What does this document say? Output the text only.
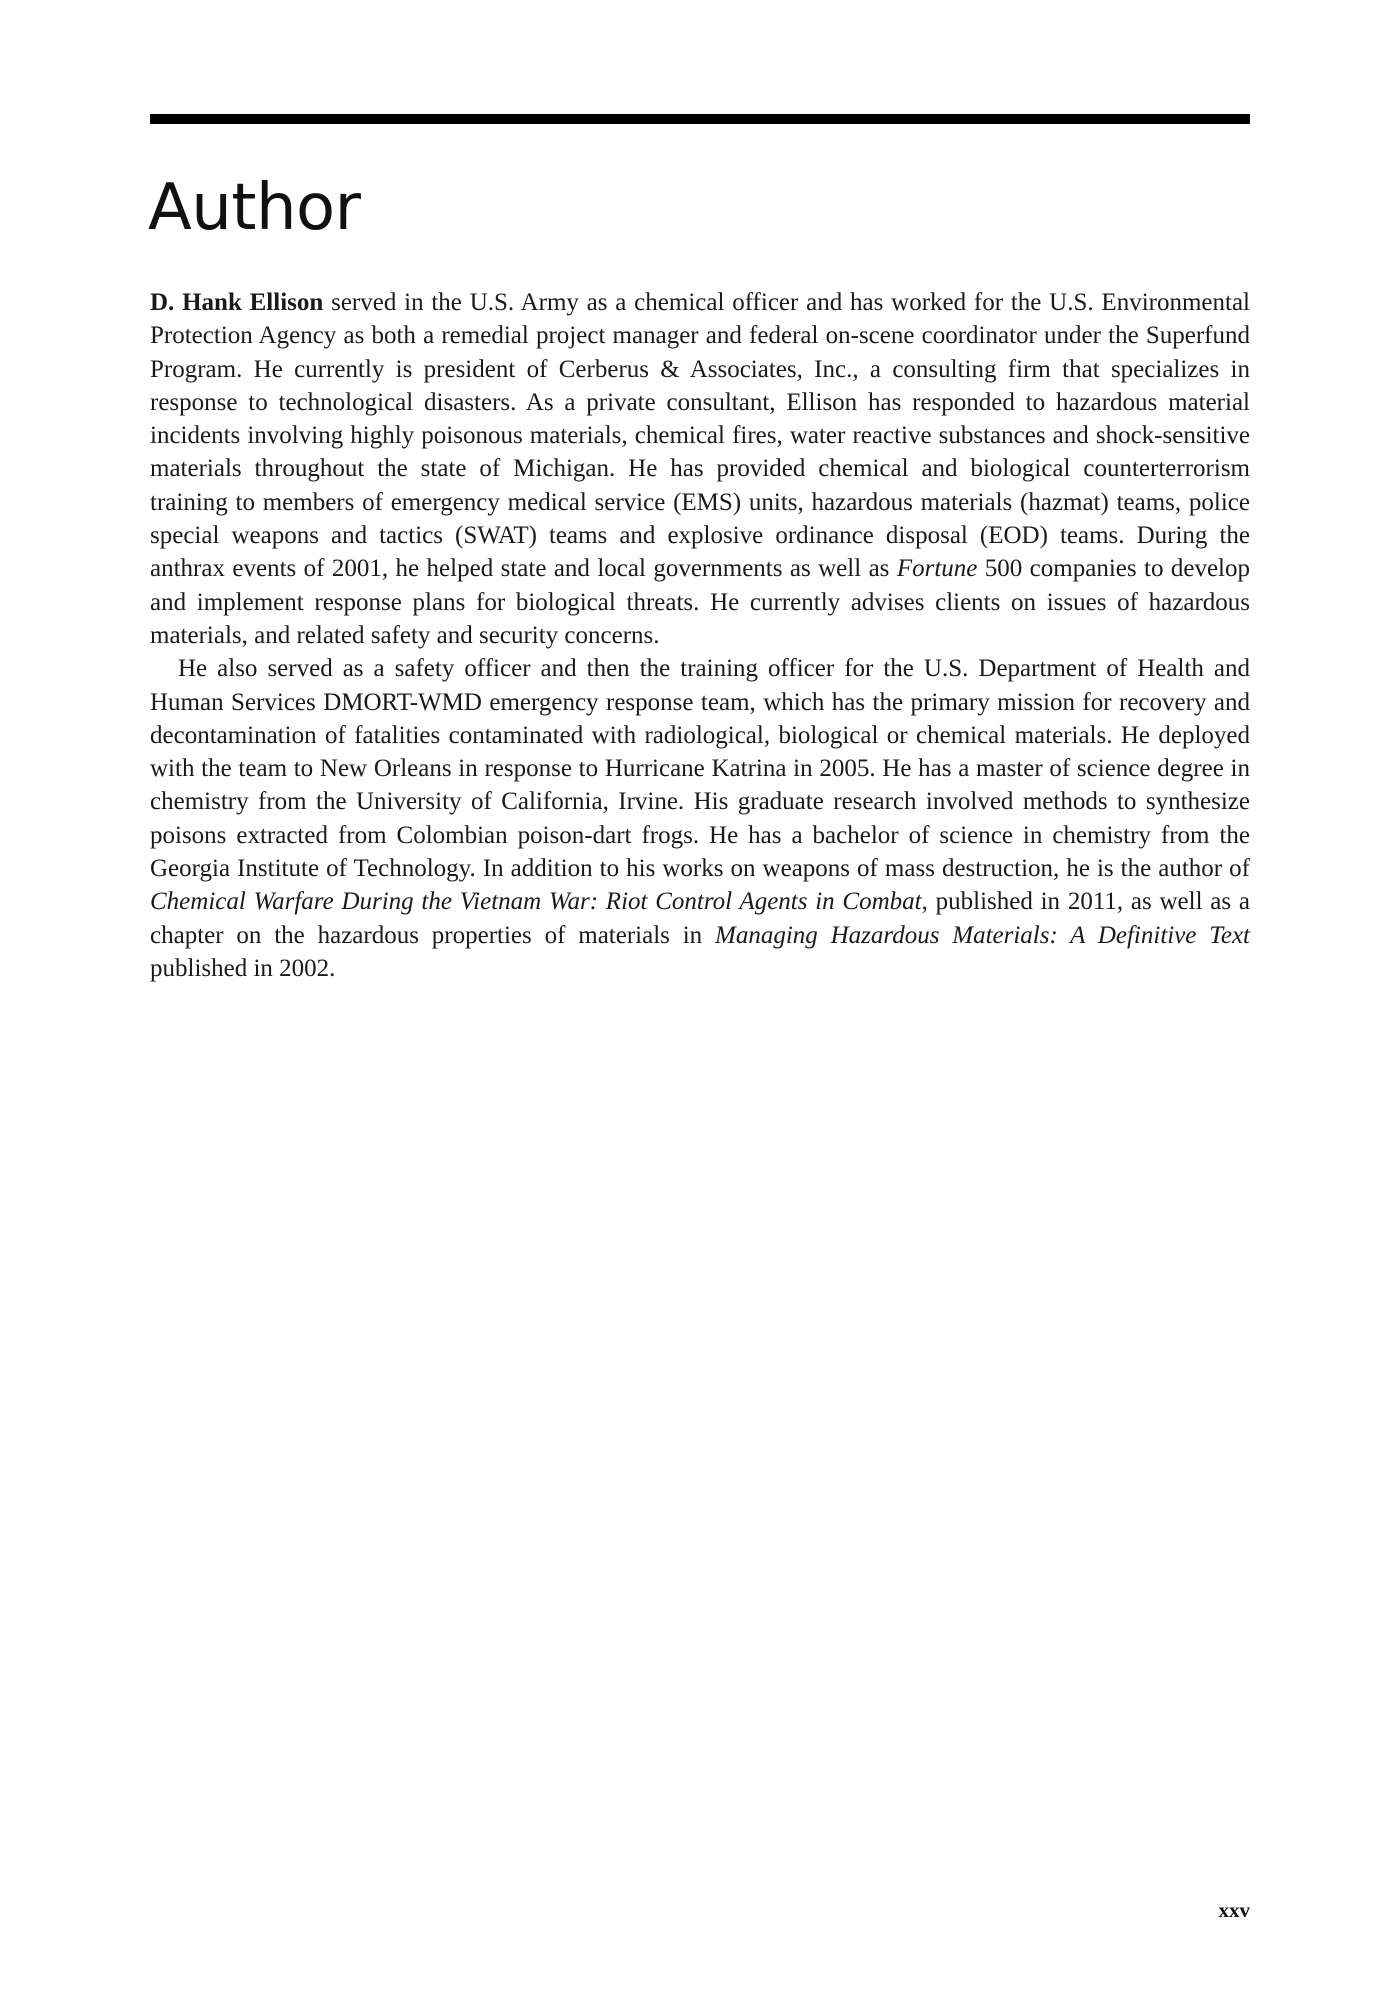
Author

D. Hank Ellison served in the U.S. Army as a chemical officer and has worked for the U.S. Environmental Protection Agency as both a remedial project manager and federal on-scene coordinator under the Superfund Program. He currently is president of Cerberus & Associates, Inc., a consulting firm that specializes in response to technological disasters. As a private consultant, Ellison has responded to hazardous material incidents involving highly poisonous materials, chemical fires, water reactive substances and shock-sensitive materials throughout the state of Michigan. He has provided chemical and biological counterterrorism training to members of emergency medical service (EMS) units, hazardous materials (hazmat) teams, police special weapons and tactics (SWAT) teams and explosive ordinance disposal (EOD) teams. During the anthrax events of 2001, he helped state and local governments as well as Fortune 500 companies to develop and implement response plans for biological threats. He currently advises clients on issues of hazardous materials, and related safety and security concerns.

He also served as a safety officer and then the training officer for the U.S. Department of Health and Human Services DMORT-WMD emergency response team, which has the primary mission for recovery and decontamination of fatalities contaminated with radiological, biological or chemical materials. He deployed with the team to New Orleans in response to Hurricane Katrina in 2005. He has a master of science degree in chemistry from the University of California, Irvine. His graduate research involved methods to synthesize poisons extracted from Colombian poison-dart frogs. He has a bachelor of science in chemistry from the Georgia Institute of Technology. In addition to his works on weapons of mass destruction, he is the author of Chemical Warfare During the Vietnam War: Riot Control Agents in Combat, published in 2011, as well as a chapter on the hazardous properties of materials in Managing Hazardous Materials: A Definitive Text published in 2002.

xxv
